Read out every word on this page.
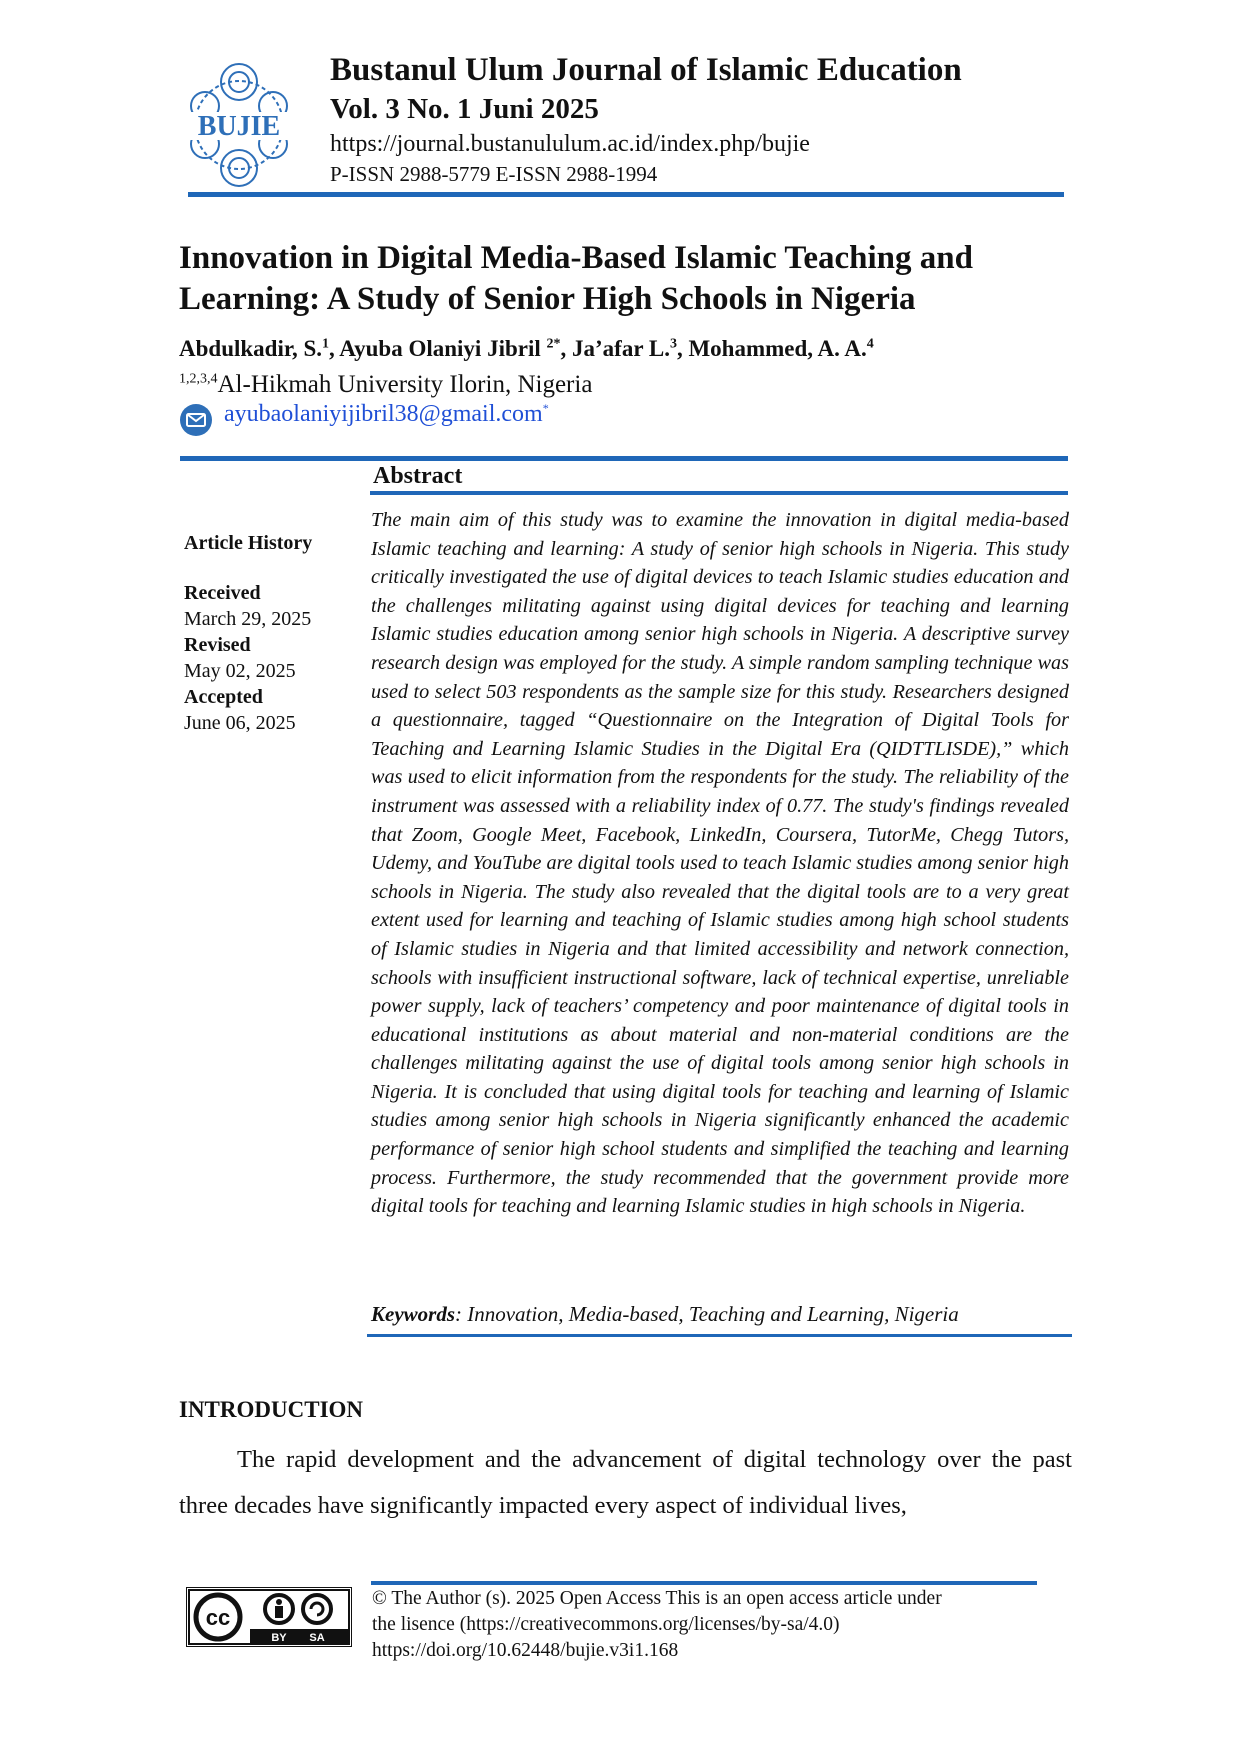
BUJIE
Bustanul Ulum Journal of Islamic Education
Vol. 3 No. 1 Juni 2025
https://journal.bustanululum.ac.id/index.php/bujie
P-ISSN 2988-5779 E-ISSN 2988-1994
Innovation in Digital Media-Based Islamic Teaching and Learning: A Study of Senior High Schools in Nigeria
Abdulkadir, S.$^1$, Ayuba Olaniyi Jibril $^{2*}$, Ja’afar L.$^3$, Mohammed, A. A.$^4$
$^{1,2,3,4}$Al-Hikmah University Ilorin, Nigeria
ayubaolaniyijibril38@gmail.com*
Article History
Received
March 29, 2025
Revised
May 02, 2025
Accepted
June 06, 2025
Abstract
The main aim of this study was to examine the innovation in digital media-based Islamic teaching and learning: A study of senior high schools in Nigeria. This study critically investigated the use of digital devices to teach Islamic studies education and the challenges militating against using digital devices for teaching and learning Islamic studies education among senior high schools in Nigeria. A descriptive survey research design was employed for the study. A simple random sampling technique was used to select 503 respondents as the sample size for this study. Researchers designed a questionnaire, tagged “Questionnaire on the Integration of Digital Tools for Teaching and Learning Islamic Studies in the Digital Era (QIDTTLISDE),” which was used to elicit information from the respondents for the study. The reliability of the instrument was assessed with a reliability index of 0.77. The study's findings revealed that Zoom, Google Meet, Facebook, LinkedIn, Coursera, TutorMe, Chegg Tutors, Udemy, and YouTube are digital tools used to teach Islamic studies among senior high schools in Nigeria. The study also revealed that the digital tools are to a very great extent used for learning and teaching of Islamic studies among high school students of Islamic studies in Nigeria and that limited accessibility and network connection, schools with insufficient instructional software, lack of technical expertise, unreliable power supply, lack of teachers’ competency and poor maintenance of digital tools in educational institutions as about material and non-material conditions are the challenges militating against the use of digital tools among senior high schools in Nigeria. It is concluded that using digital tools for teaching and learning of Islamic studies among senior high schools in Nigeria significantly enhanced the academic performance of senior high school students and simplified the teaching and learning process. Furthermore, the study recommended that the government provide more digital tools for teaching and learning Islamic studies in high schools in Nigeria.
Keywords: Innovation, Media-based, Teaching and Learning, Nigeria
INTRODUCTION
The rapid development and the advancement of digital technology over the past three decades have significantly impacted every aspect of individual lives,
cc
BY SA
© The Author (s). 2025 Open Access This is an open access article under
the lisence (https://creativecommons.org/licenses/by-sa/4.0)
https://doi.org/10.62448/bujie.v3i1.168
